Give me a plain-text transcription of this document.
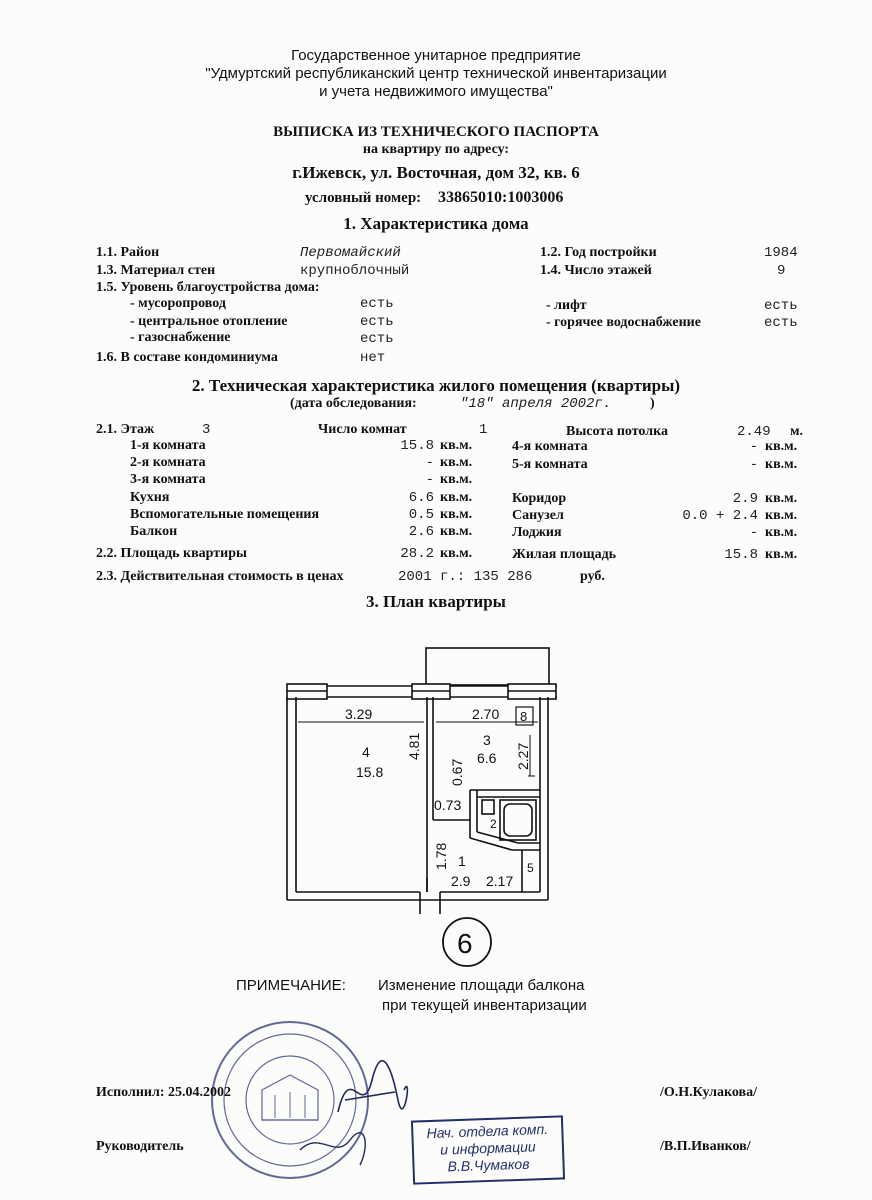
Государственное унитарное предприятие
"Удмуртский республиканский центр технической инвентаризации
и учета недвижимого имущества"
ВЫПИСКА ИЗ ТЕХНИЧЕСКОГО ПАСПОРТА
на квартиру по адресу:
г.Ижевск, ул. Восточная, дом 32, кв. 6
условный номер: 33865010:1003006
1. Характеристика дома
1.1. Район	Первомайский	1.2. Год постройки	1984
1.3. Материал стен	крупноблочный	1.4. Число этажей	9
1.5. Уровень благоустройства дома:
- мусоропровод	есть	- лифт	есть
- центральное отопление	есть	- горячее водоснабжение	есть
- газоснабжение	есть
1.6. В составе кондоминиума	нет
2. Техническая характеристика жилого помещения (квартиры)
(дата обследования:	"18" апреля 2002г.	)
2.1. Этаж	3	Число комнат	1	Высота потолка	2.49 м.
1-я комната	15.8 кв.м.
2-я комната	- кв.м.
3-я комната	- кв.м.
Кухня	6.6 кв.м.
Вспомогательные помещения	0.5 кв.м.
Балкон	2.6 кв.м.
4-я комната	- кв.м.
5-я комната	- кв.м.
Коридор	2.9 кв.м.
Санузел	0.0 + 2.4 кв.м.
Лоджия	- кв.м.
2.2. Площадь квартиры	28.2 кв.м.	Жилая площадь	15.8 кв.м.
2.3. Действительная стоимость в ценах	2001 г.: 135 286	руб.
3. План квартиры
3.29	2.70 8
4
15.8
4.81	3
6.6 2.27
0.67
0.73
2
1.78 1
2.9 2.17
5
6
ПРИМЕЧАНИЕ: Изменение площади балкона
при текущей инвентаризации
Исполнил: 25.04.2002	/О.Н.Кулакова/
Руководитель	/В.П.Иванков/
Нач. отдела комп.
и информации
В.В.Чумаков
